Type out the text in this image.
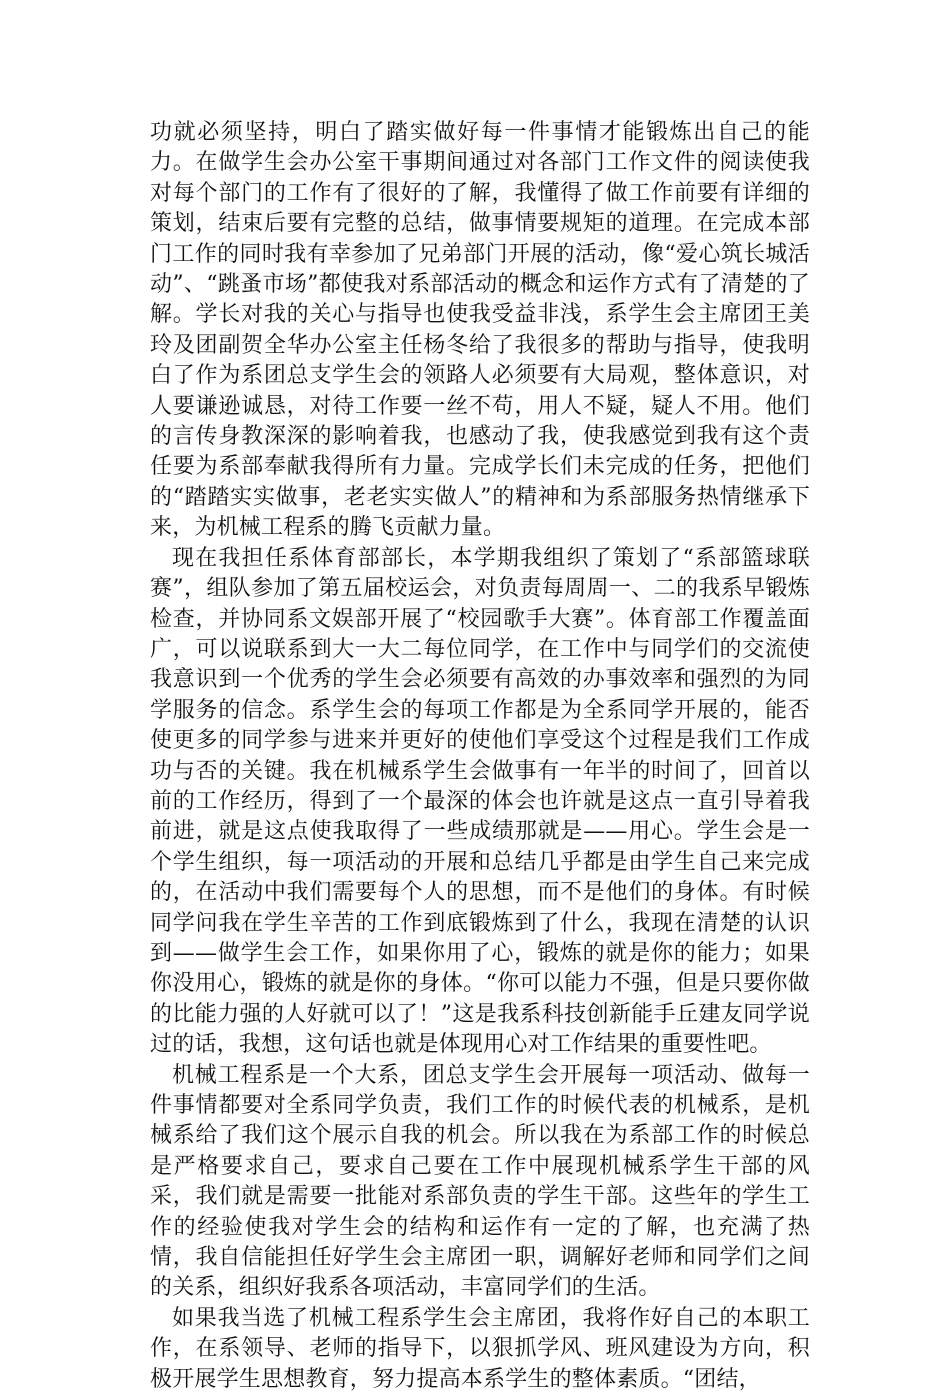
功就必须坚持，明白了踏实做好每一件事情才能锻炼出自己的能力。在做学生会办公室干事期间通过对各部门工作文件的阅读使我对每个部门的工作有了很好的了解，我懂得了做工作前要有详细的策划，结束后要有完整的总结，做事情要规矩的道理。在完成本部门工作的同时我有幸参加了兄弟部门开展的活动，像“爱心筑长城活动”、“跳蚤市场”都使我对系部活动的概念和运作方式有了清楚的了解。学长对我的关心与指导也使我受益非浅，系学生会主席团王美玲及团副贺全华办公室主任杨冬给了我很多的帮助与指导，使我明白了作为系团总支学生会的领路人必须要有大局观，整体意识，对人要谦逊诚恳，对待工作要一丝不苟，用人不疑，疑人不用。他们的言传身教深深的影响着我，也感动了我，使我感觉到我有这个责任要为系部奉献我得所有力量。完成学长们未完成的任务，把他们的“踏踏实实做事，老老实实做人”的精神和为系部服务热情继承下来，为机械工程系的腾飞贡献力量。

现在我担任系体育部部长，本学期我组织了策划了“系部篮球联赛”，组队参加了第五届校运会，对负责每周周一、二的我系早锻炼检查，并协同系文娱部开展了“校园歌手大赛”。体育部工作覆盖面广，可以说联系到大一大二每位同学，在工作中与同学们的交流使我意识到一个优秀的学生会必须要有高效的办事效率和强烈的为同学服务的信念。系学生会的每项工作都是为全系同学开展的，能否使更多的同学参与进来并更好的使他们享受这个过程是我们工作成功与否的关键。我在机械系学生会做事有一年半的时间了，回首以前的工作经历，得到了一个最深的体会也许就是这点一直引导着我前进，就是这点使我取得了一些成绩那就是——用心。学生会是一个学生组织，每一项活动的开展和总结几乎都是由学生自己来完成的，在活动中我们需要每个人的思想，而不是他们的身体。有时候同学问我在学生辛苦的工作到底锻炼到了什么，我现在清楚的认识到——做学生会工作，如果你用了心，锻炼的就是你的能力；如果你没用心，锻炼的就是你的身体。“你可以能力不强，但是只要你做的比能力强的人好就可以了！”这是我系科技创新能手丘建友同学说过的话，我想，这句话也就是体现用心对工作结果的重要性吧。

机械工程系是一个大系，团总支学生会开展每一项活动、做每一件事情都要对全系同学负责，我们工作的时候代表的机械系，是机械系给了我们这个展示自我的机会。所以我在为系部工作的时候总是严格要求自己，要求自己要在工作中展现机械系学生干部的风采，我们就是需要一批能对系部负责的学生干部。这些年的学生工作的经验使我对学生会的结构和运作有一定的了解，也充满了热情，我自信能担任好学生会主席团一职，调解好老师和同学们之间的关系，组织好我系各项活动，丰富同学们的生活。

如果我当选了机械工程系学生会主席团，我将作好自己的本职工作，在系领导、老师的指导下，以狠抓学风、班风建设为方向，积极开展学生思想教育，努力提高本系学生的整体素质。“团结，
